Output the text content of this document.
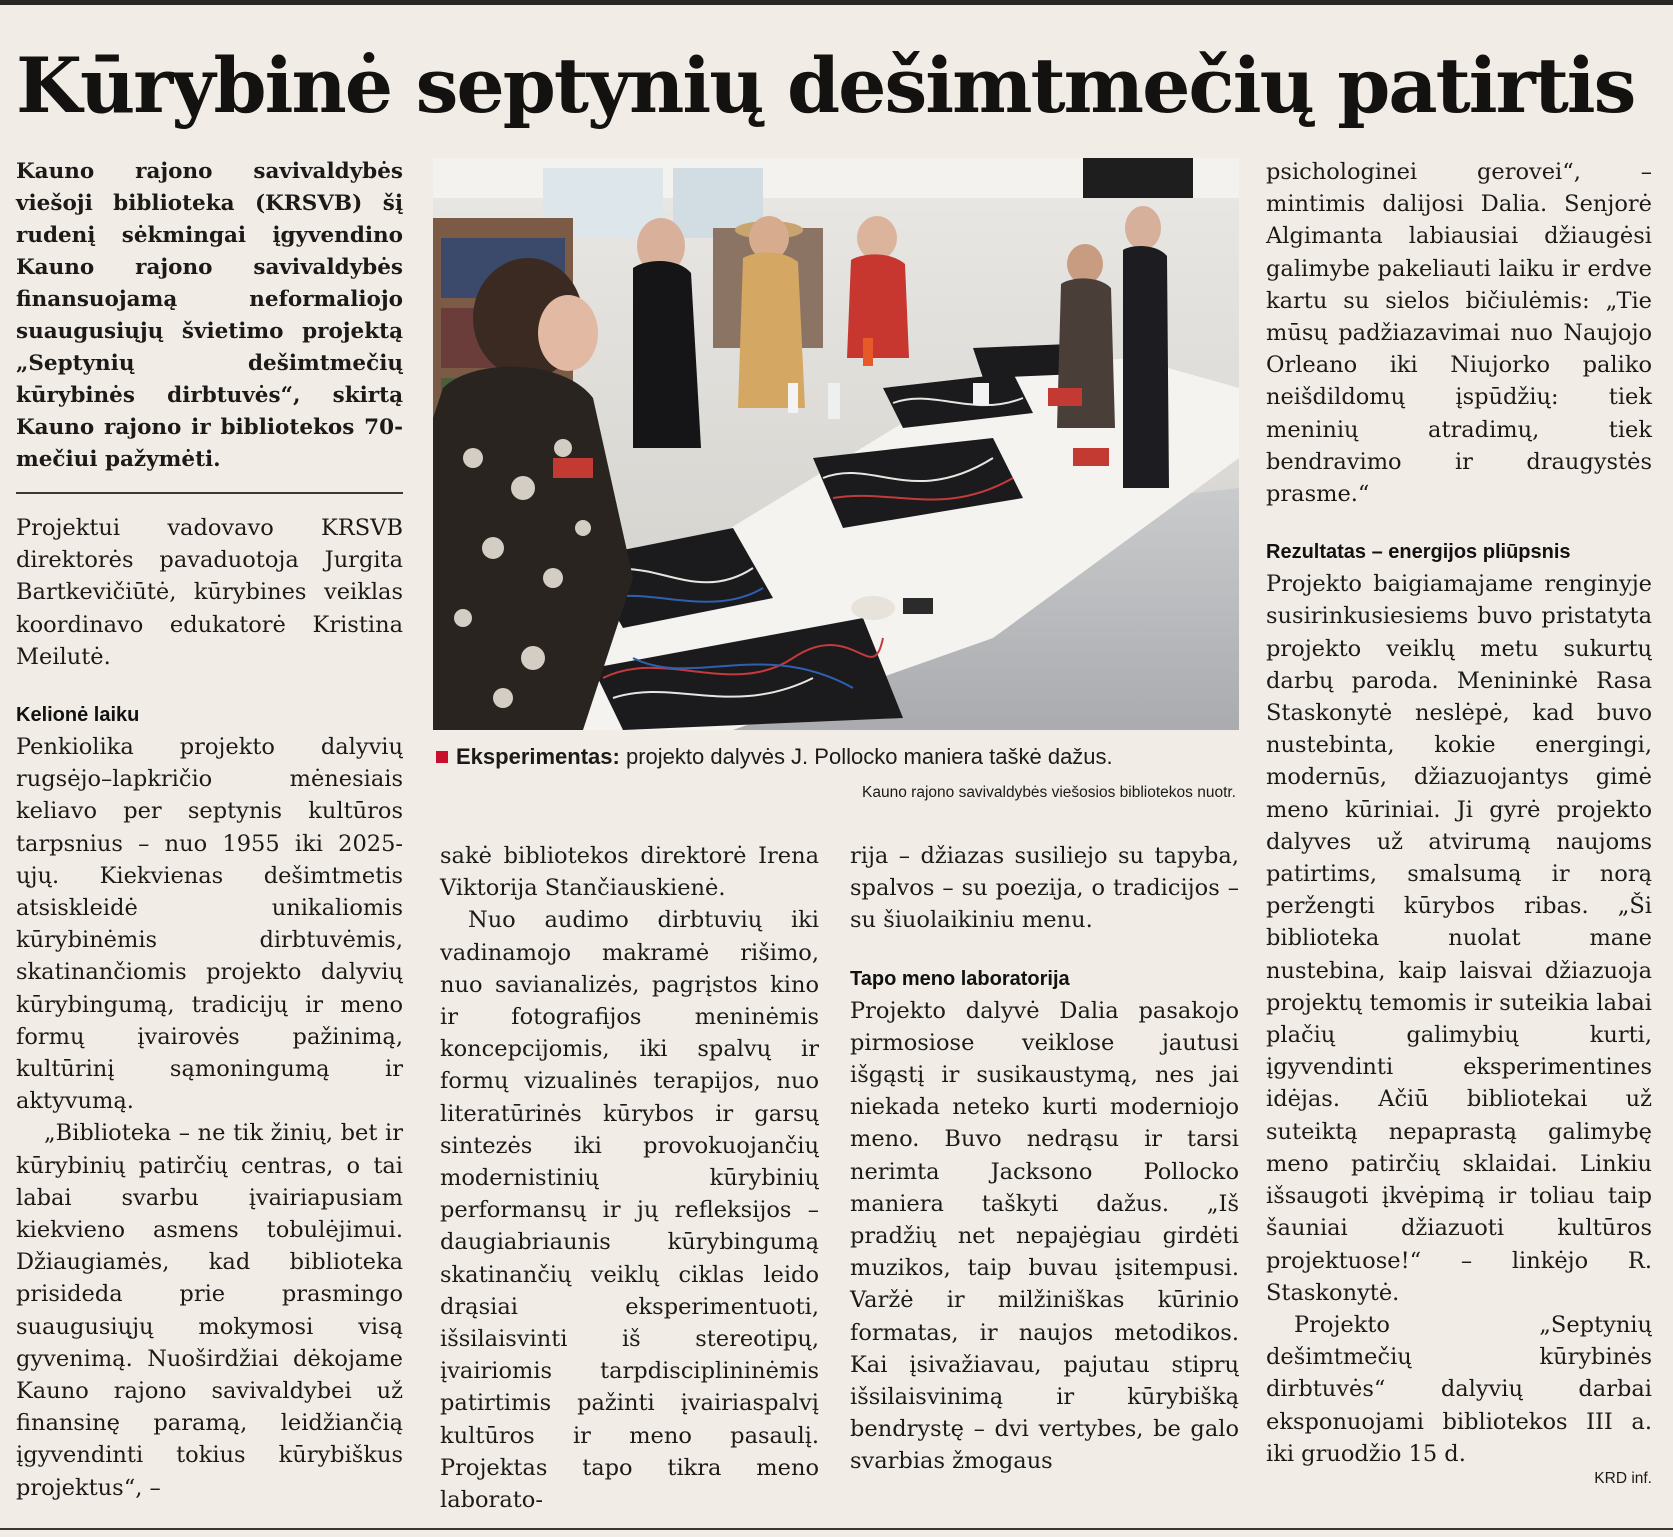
Kūrybinė septynių dešimtmečių patirtis

Kauno rajono savivaldybės viešoji biblioteka (KRSVB) šį rudenį sėkmingai įgyvendino Kauno rajono savivaldybės finansuojamą neformaliojo suaugusiųjų švietimo projektą „Septynių dešimtmečių kūrybinės dirbtuvės“, skirtą Kauno rajono ir bibliotekos 70-mečiui pažymėti.

Projektui vadovavo KRSVB direktorės pavaduotoja Jurgita Bartkevičiūtė, kūrybines veiklas koordinavo edukatorė Kristina Meilutė.

Kelionė laiku

Penkiolika projekto dalyvių rugsėjo–lapkričio mėnesiais keliavo per septynis kultūros tarpsnius – nuo 1955 iki 2025-ųjų. Kiekvienas dešimtmetis atsiskleidė unikaliomis kūrybinėmis dirbtuvėmis, skatinančiomis projekto dalyvių kūrybingumą, tradicijų ir meno formų įvairovės pažinimą, kultūrinį sąmoningumą ir aktyvumą.

„Biblioteka – ne tik žinių, bet ir kūrybinių patirčių centras, o tai labai svarbu įvairiapusiam kiekvieno asmens tobulėjimui. Džiaugiamės, kad biblioteka prisideda prie prasmingo suaugusiųjų mokymosi visą gyvenimą. Nuoširdžiai dėkojame Kauno rajono savivaldybei už finansinę paramą, leidžiančią įgyvendinti tokius kūrybiškus projektus“, –

Eksperimentas: projekto dalyvės J. Pollocko maniera taškė dažus.
Kauno rajono savivaldybės viešosios bibliotekos nuotr.

sakė bibliotekos direktorė Irena Viktorija Stančiauskienė.

Nuo audimo dirbtuvių iki vadinamojo makramė rišimo, nuo savianalizės, pagrįstos kino ir fotografijos meninėmis koncepcijomis, iki spalvų ir formų vizualinės terapijos, nuo literatūrinės kūrybos ir garsų sintezės iki provokuojančių modernistinių kūrybinių performansų ir jų refleksijos – daugiabriaunis kūrybingumą skatinančių veiklų ciklas leido drąsiai eksperimentuoti, išsilaisvinti iš stereotipų, įvairiomis tarpdisciplininėmis patirtimis pažinti įvairiaspalvį kultūros ir meno pasaulį. Projektas tapo tikra meno laborato-

rija – džiazas susiliejo su tapyba, spalvos – su poezija, o tradicijos – su šiuolaikiniu menu.

Tapo meno laboratorija

Projekto dalyvė Dalia pasakojo pirmosiose veiklose jautusi išgąstį ir susikaustymą, nes jai niekada neteko kurti moderniojo meno. Buvo nedrąsu ir tarsi nerimta Jacksono Pollocko maniera taškyti dažus. „Iš pradžių net nepajėgiau girdėti muzikos, taip buvau įsitempusi. Varžė ir milžiniškas kūrinio formatas, ir naujos metodikos. Kai įsivažiavau, pajutau stiprų išsilaisvinimą ir kūrybišką bendrystę – dvi vertybes, be galo svarbias žmogaus

psichologinei gerovei“, – mintimis dalijosi Dalia. Senjorė Algimanta labiausiai džiaugėsi galimybe pakeliauti laiku ir erdve kartu su sielos bičiulėmis: „Tie mūsų padžiazavimai nuo Naujojo Orleano iki Niujorko paliko neišdildomų įspūdžių: tiek meninių atradimų, tiek bendravimo ir draugystės prasme.“

Rezultatas – energijos pliūpsnis

Projekto baigiamajame renginyje susirinkusiesiems buvo pristatyta projekto veiklų metu sukurtų darbų paroda. Menininkė Rasa Staskonytė neslėpė, kad buvo nustebinta, kokie energingi, modernūs, džiazuojantys gimė meno kūriniai. Ji gyrė projekto dalyves už atvirumą naujoms patirtims, smalsumą ir norą peržengti kūrybos ribas. „Ši biblioteka nuolat mane nustebina, kaip laisvai džiazuoja projektų temomis ir suteikia labai plačių galimybių kurti, įgyvendinti eksperimentines idėjas. Ačiū bibliotekai už suteiktą nepaprastą galimybę meno patirčių sklaidai. Linkiu išsaugoti įkvėpimą ir toliau taip šauniai džiazuoti kultūros projektuose!“ – linkėjo R. Staskonytė.

Projekto „Septynių dešimtmečių kūrybinės dirbtuvės“ dalyvių darbai eksponuojami bibliotekos III a. iki gruodžio 15 d.

KRD inf.
